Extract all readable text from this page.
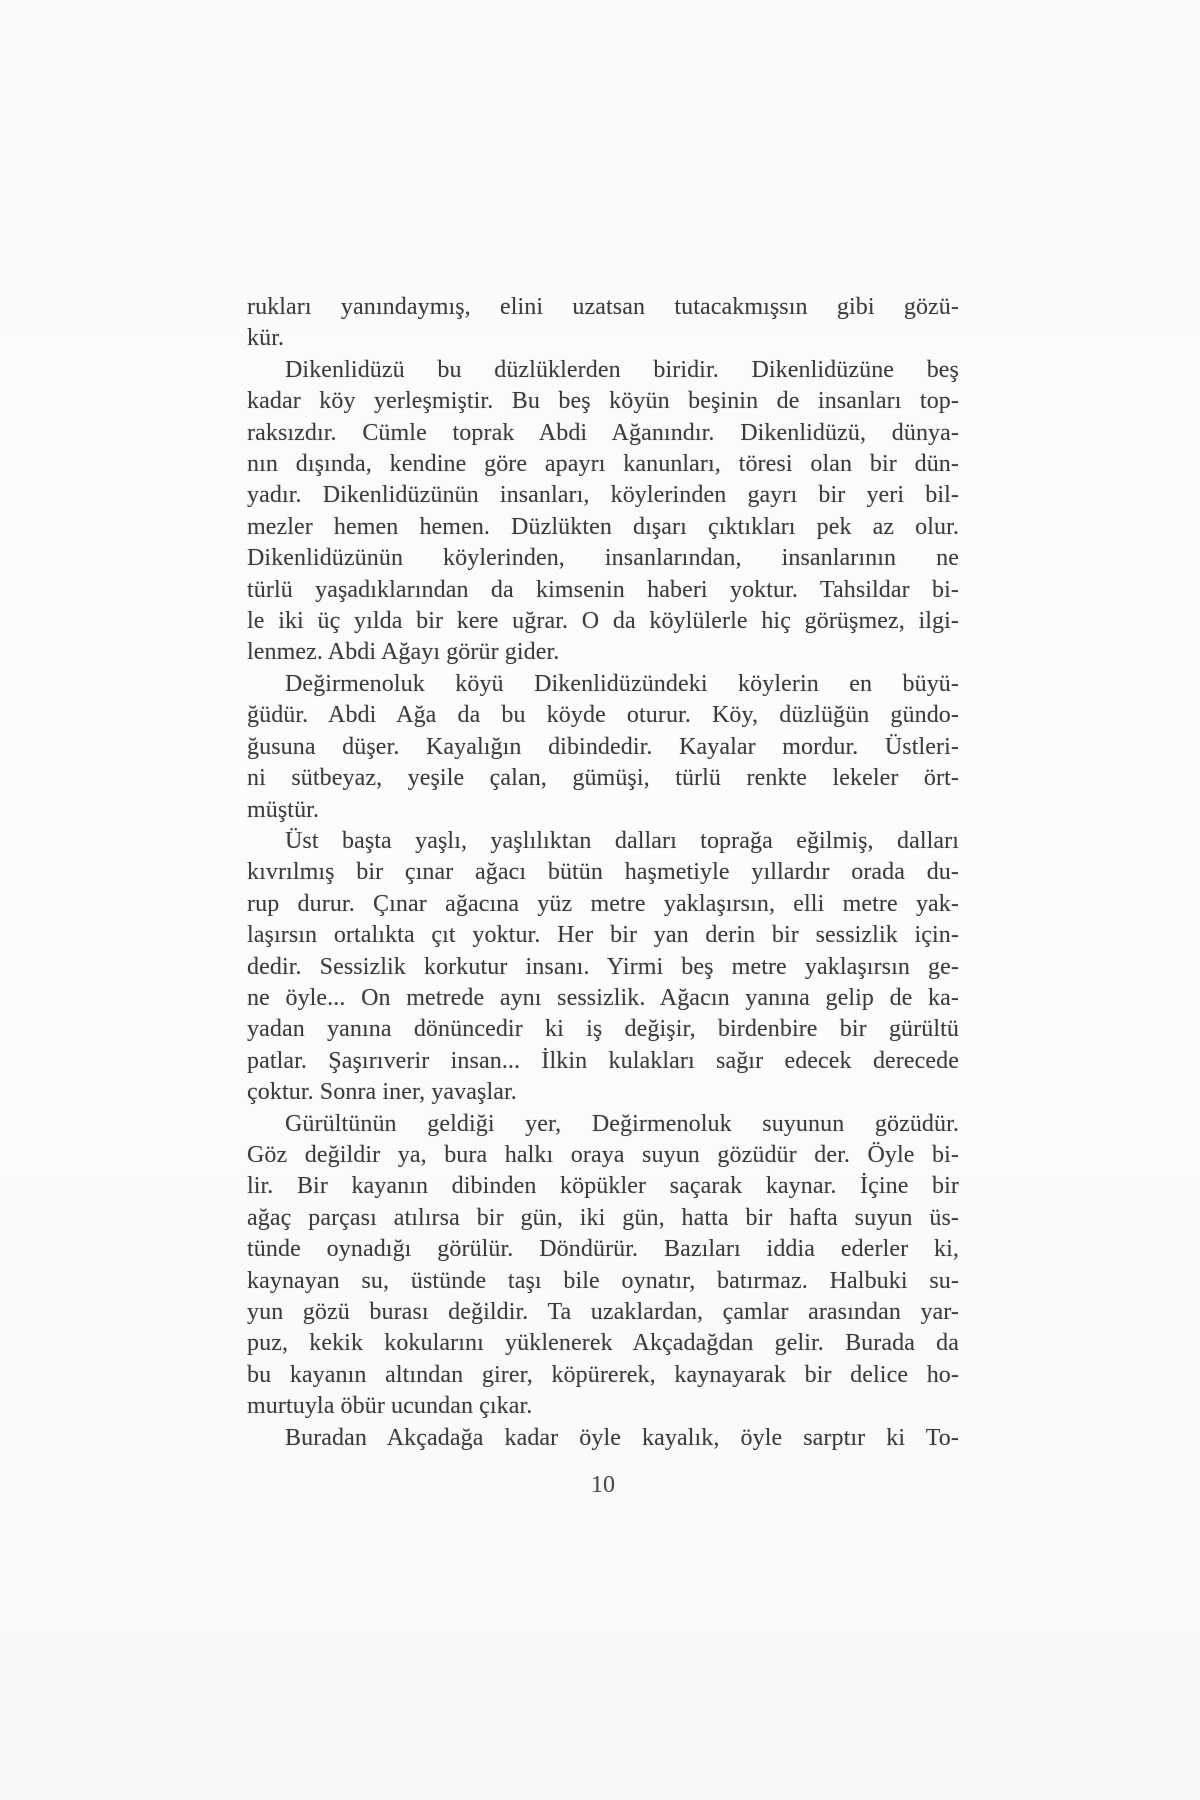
rukları yanındaymış, elini uzatsan tutacakmışsın gibi gözü-
kür.
Dikenlidüzü bu düzlüklerden biridir. Dikenlidüzüne beş
kadar köy yerleşmiştir. Bu beş köyün beşinin de insanları top-
raksızdır. Cümle toprak Abdi Ağanındır. Dikenlidüzü, dünya-
nın dışında, kendine göre apayrı kanunları, töresi olan bir dün-
yadır. Dikenlidüzünün insanları, köylerinden gayrı bir yeri bil-
mezler hemen hemen. Düzlükten dışarı çıktıkları pek az olur.
Dikenlidüzünün köylerinden, insanlarından, insanlarının ne
türlü yaşadıklarından da kimsenin haberi yoktur. Tahsildar bi-
le iki üç yılda bir kere uğrar. O da köylülerle hiç görüşmez, ilgi-
lenmez. Abdi Ağayı görür gider.
Değirmenoluk köyü Dikenlidüzündeki köylerin en büyü-
ğüdür. Abdi Ağa da bu köyde oturur. Köy, düzlüğün gündo-
ğusuna düşer. Kayalığın dibindedir. Kayalar mordur. Üstleri-
ni sütbeyaz, yeşile çalan, gümüşi, türlü renkte lekeler ört-
müştür.
Üst başta yaşlı, yaşlılıktan dalları toprağa eğilmiş, dalları
kıvrılmış bir çınar ağacı bütün haşmetiyle yıllardır orada du-
rup durur. Çınar ağacına yüz metre yaklaşırsın, elli metre yak-
laşırsın ortalıkta çıt yoktur. Her bir yan derin bir sessizlik için-
dedir. Sessizlik korkutur insanı. Yirmi beş metre yaklaşırsın ge-
ne öyle... On metrede aynı sessizlik. Ağacın yanına gelip de ka-
yadan yanına dönüncedir ki iş değişir, birdenbire bir gürültü
patlar. Şaşırıverir insan... İlkin kulakları sağır edecek derecede
çoktur. Sonra iner, yavaşlar.
Gürültünün geldiği yer, Değirmenoluk suyunun gözüdür.
Göz değildir ya, bura halkı oraya suyun gözüdür der. Öyle bi-
lir. Bir kayanın dibinden köpükler saçarak kaynar. İçine bir
ağaç parçası atılırsa bir gün, iki gün, hatta bir hafta suyun üs-
tünde oynadığı görülür. Döndürür. Bazıları iddia ederler ki,
kaynayan su, üstünde taşı bile oynatır, batırmaz. Halbuki su-
yun gözü burası değildir. Ta uzaklardan, çamlar arasından yar-
puz, kekik kokularını yüklenerek Akçadağdan gelir. Burada da
bu kayanın altından girer, köpürerek, kaynayarak bir delice ho-
murtuyla öbür ucundan çıkar.
Buradan Akçadağa kadar öyle kayalık, öyle sarptır ki To-
10
